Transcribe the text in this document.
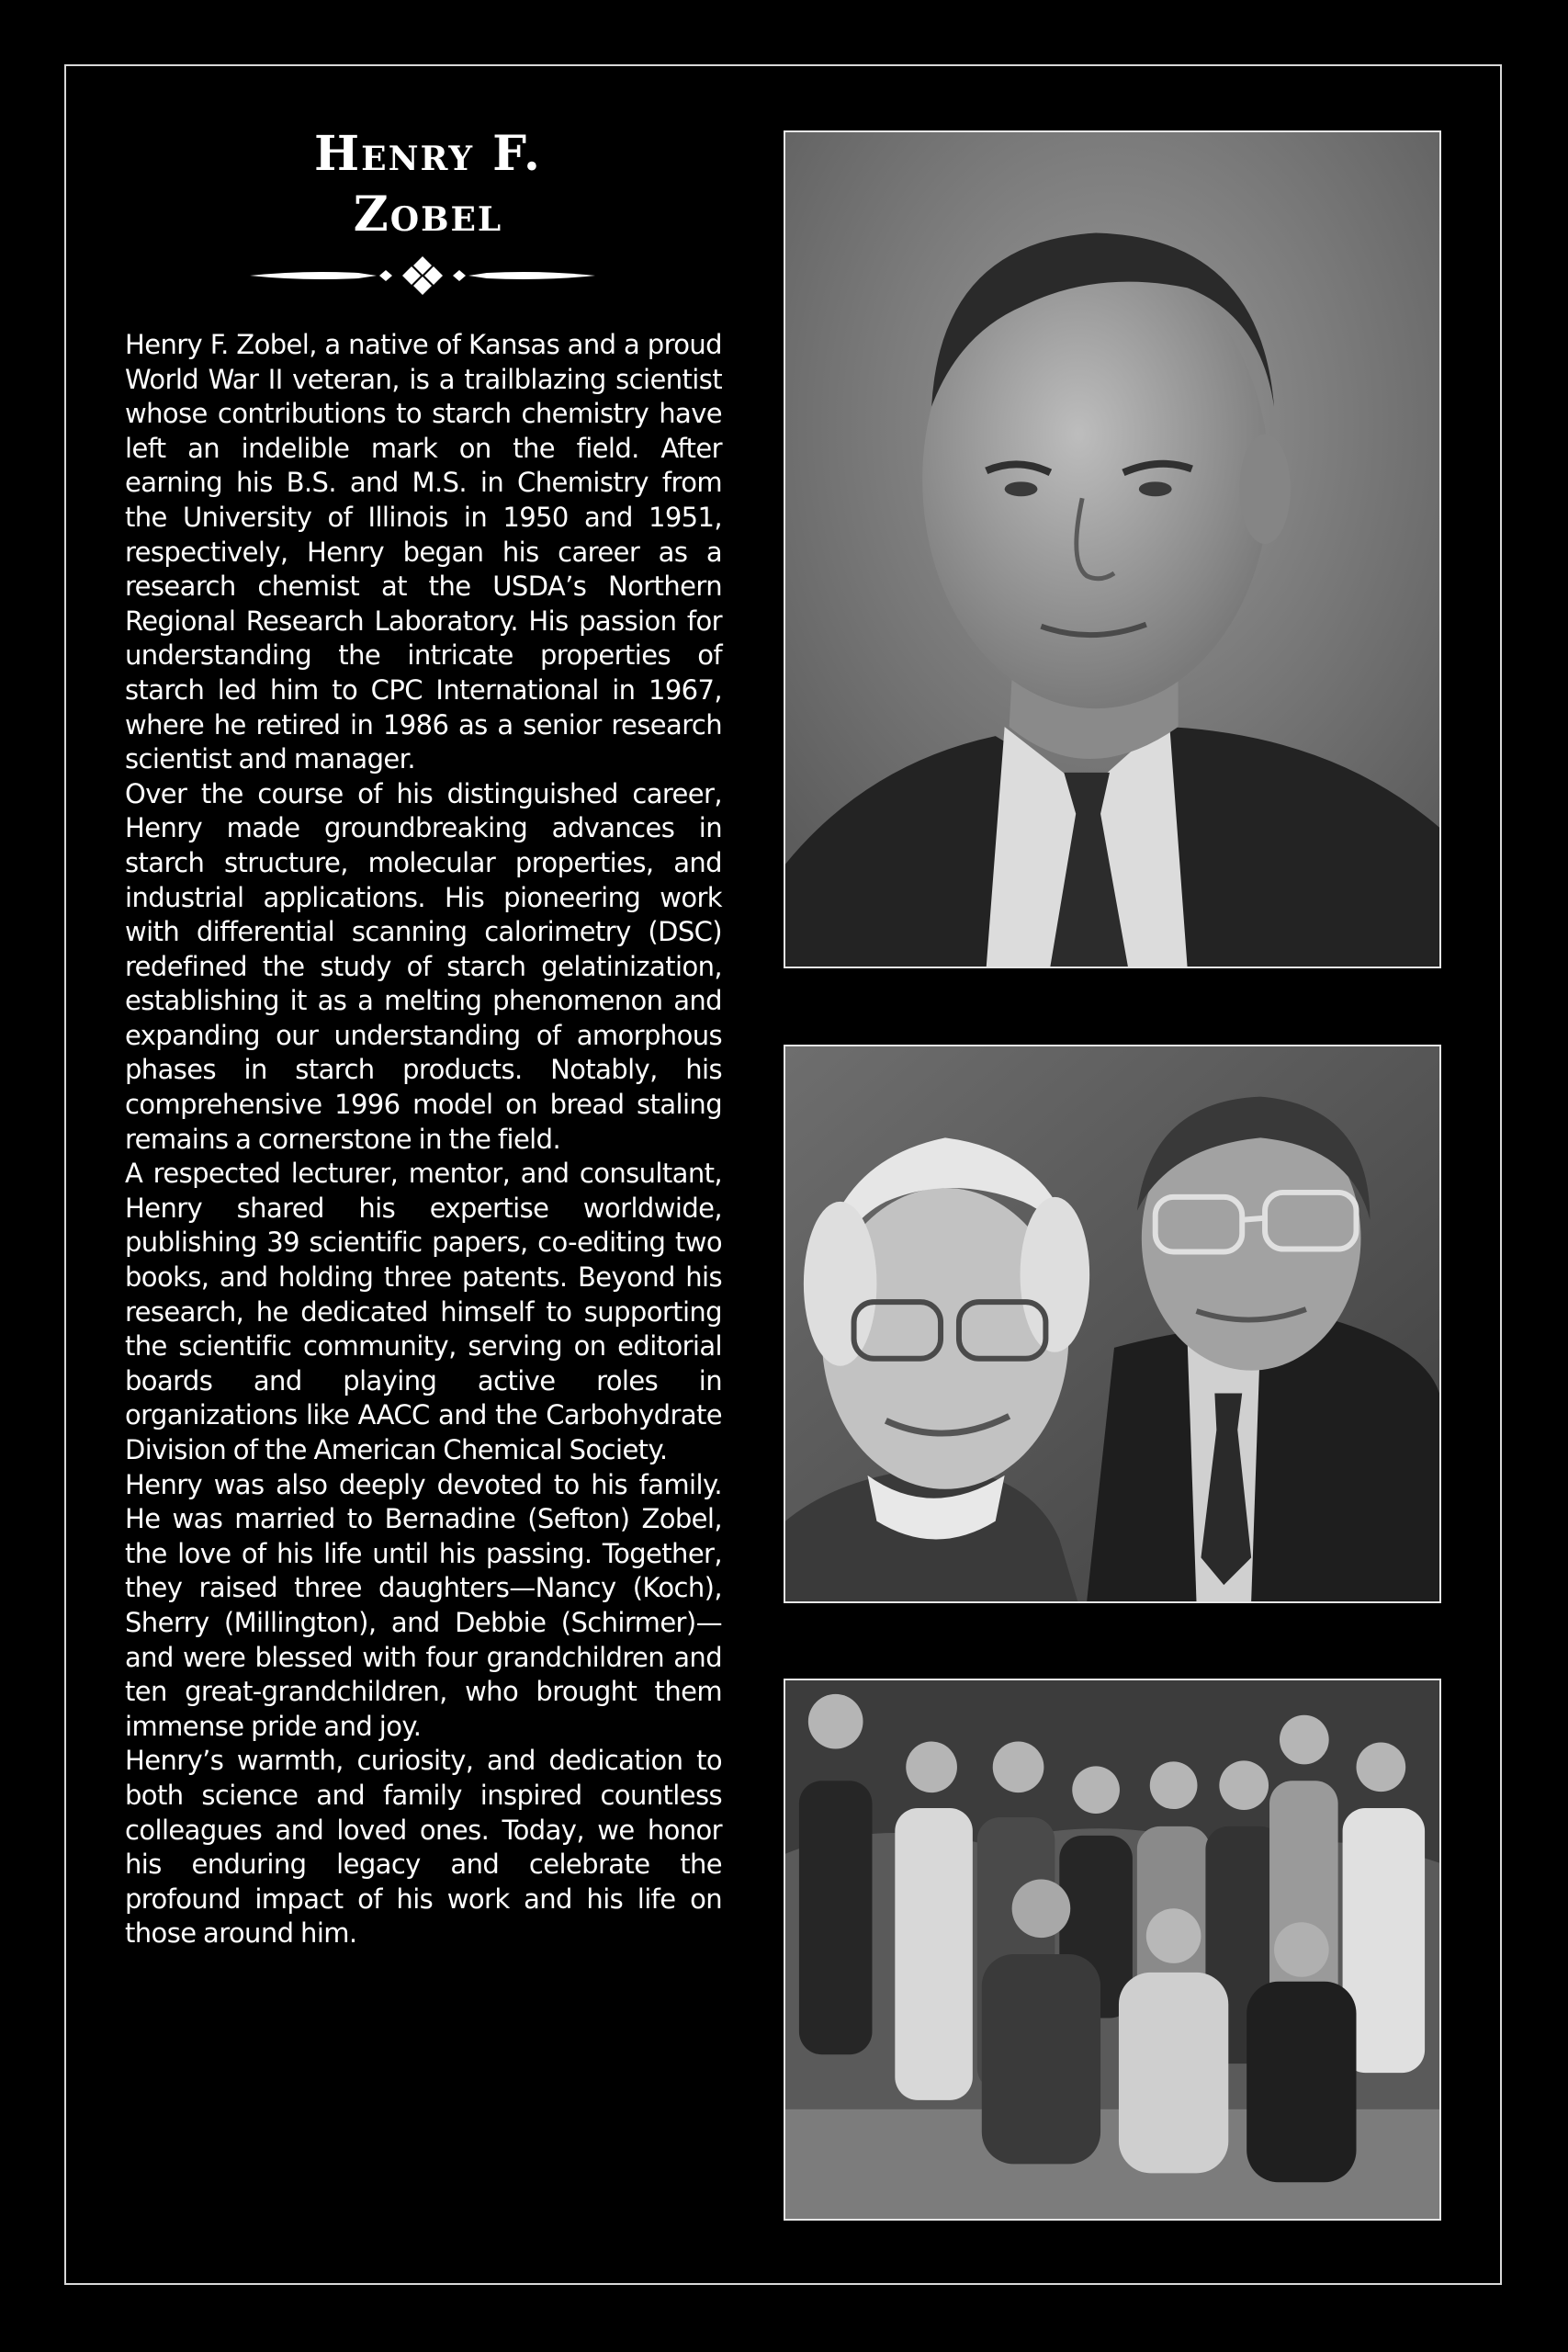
Henry F.
Zobel

Henry F. Zobel, a native of Kansas and a proud World War II veteran, is a trailblazing scientist whose contributions to starch chemistry have left an indelible mark on the field. After earning his B.S. and M.S. in Chemistry from the University of Illinois in 1950 and 1951, respectively, Henry began his career as a research chemist at the USDA’s Northern Regional Research Laboratory. His passion for understanding the intricate properties of starch led him to CPC International in 1967, where he retired in 1986 as a senior research scientist and manager.

Over the course of his distinguished career, Henry made groundbreaking advances in starch structure, molecular properties, and industrial applications. His pioneering work with differential scanning calorimetry (DSC) redefined the study of starch gelatinization, establishing it as a melting phenomenon and expanding our understanding of amorphous phases in starch products. Notably, his comprehensive 1996 model on bread staling remains a cornerstone in the field.

A respected lecturer, mentor, and consultant, Henry shared his expertise worldwide, publishing 39 scientific papers, co-editing two books, and holding three patents. Beyond his research, he dedicated himself to supporting the scientific community, serving on editorial boards and playing active roles in organizations like AACC and the Carbohydrate Division of the American Chemical Society.

Henry was also deeply devoted to his family. He was married to Bernadine (Sefton) Zobel, the love of his life until his passing. Together, they raised three daughters—Nancy (Koch), Sherry (Millington), and Debbie (Schirmer)—and were blessed with four grandchildren and ten great-grandchildren, who brought them immense pride and joy.

Henry’s warmth, curiosity, and dedication to both science and family inspired countless colleagues and loved ones. Today, we honor his enduring legacy and celebrate the profound impact of his work and his life on those around him.
